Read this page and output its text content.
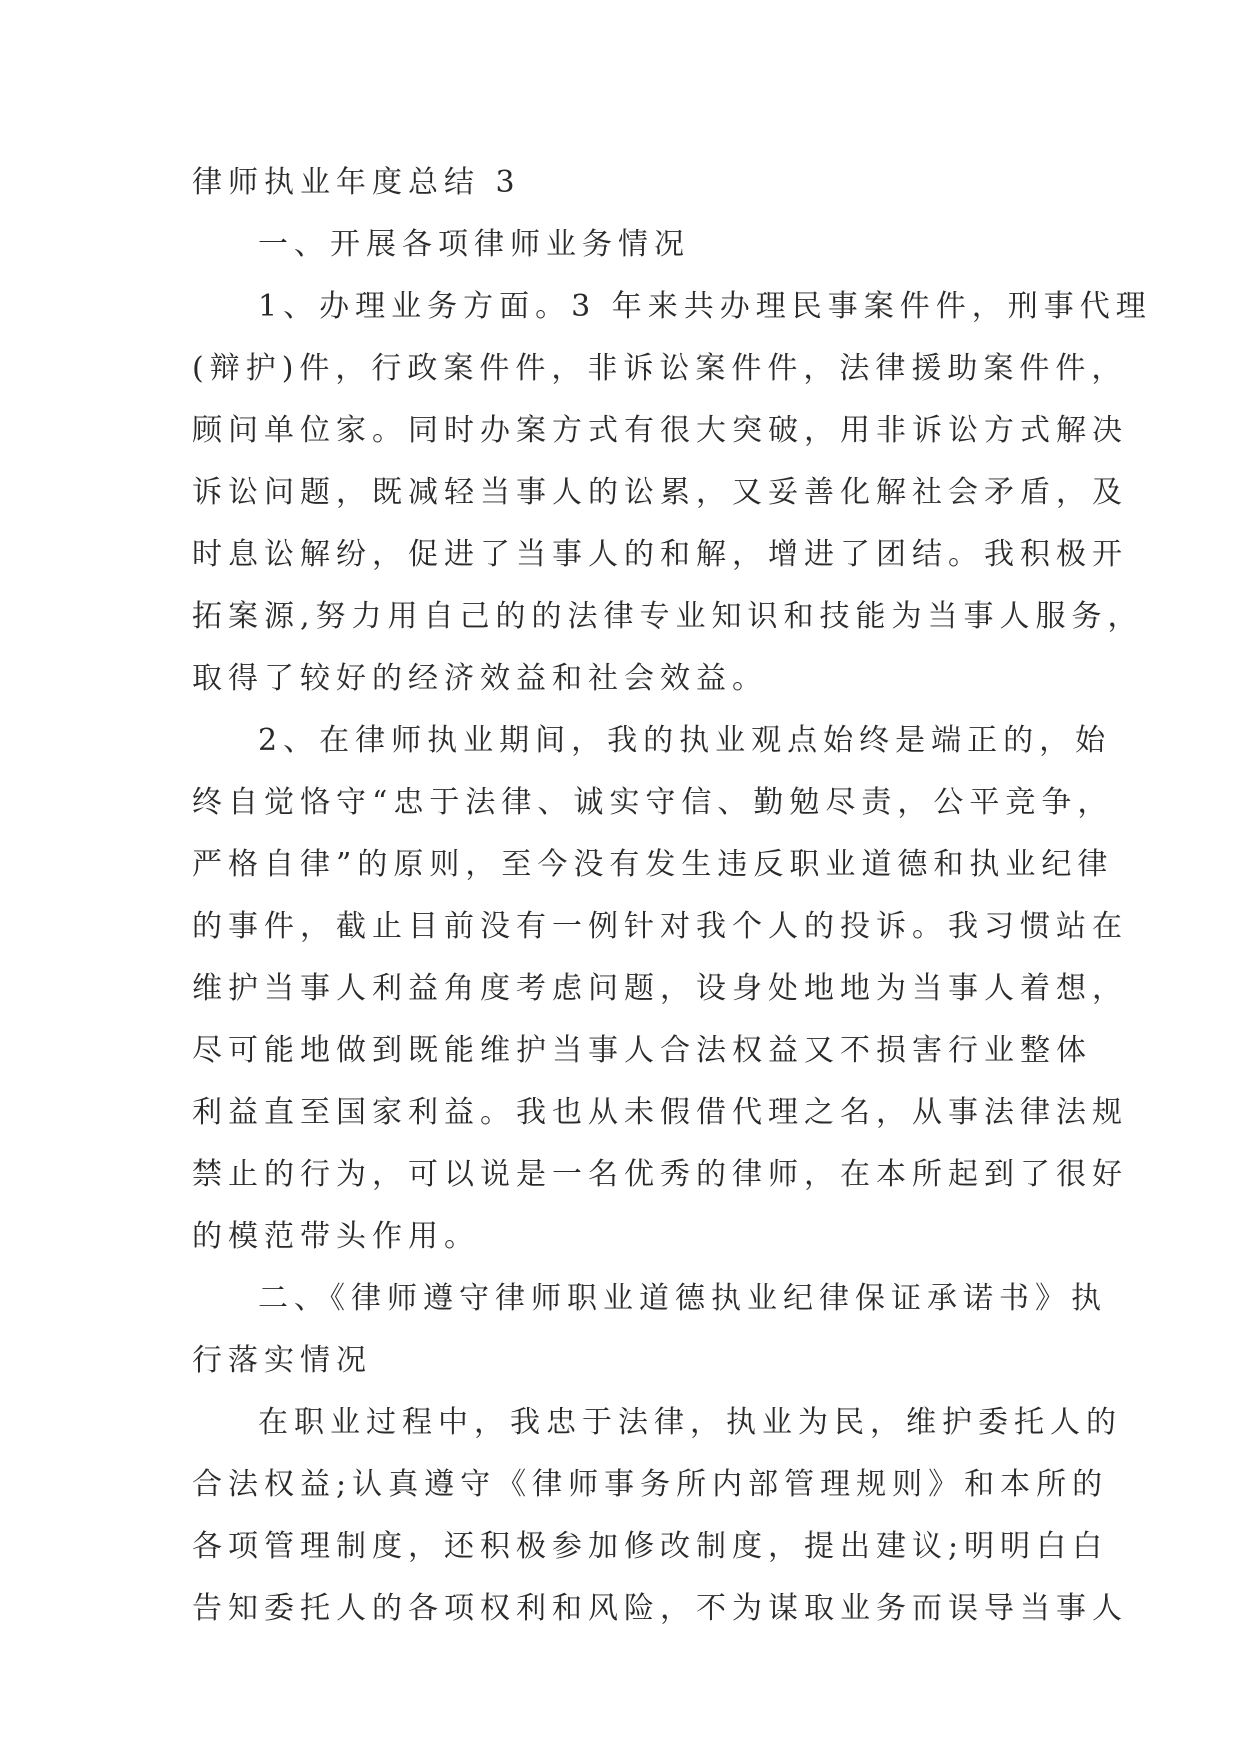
律师执业年度总结 3
一、开展各项律师业务情况
1、办理业务方面。3 年来共办理民事案件件，刑事代理
(辩护)件，行政案件件，非诉讼案件件，法律援助案件件，
顾问单位家。同时办案方式有很大突破，用非诉讼方式解决
诉讼问题，既减轻当事人的讼累，又妥善化解社会矛盾，及
时息讼解纷，促进了当事人的和解，增进了团结。我积极开
拓案源,努力用自己的的法律专业知识和技能为当事人服务，
取得了较好的经济效益和社会效益。
2、在律师执业期间，我的执业观点始终是端正的，始
终自觉恪守“忠于法律、诚实守信、勤勉尽责，公平竞争，
严格自律”的原则，至今没有发生违反职业道德和执业纪律
的事件，截止目前没有一例针对我个人的投诉。我习惯站在
维护当事人利益角度考虑问题，设身处地地为当事人着想，
尽可能地做到既能维护当事人合法权益又不损害行业整体
利益直至国家利益。我也从未假借代理之名，从事法律法规
禁止的行为，可以说是一名优秀的律师，在本所起到了很好
的模范带头作用。
二、《律师遵守律师职业道德执业纪律保证承诺书》执
行落实情况
在职业过程中，我忠于法律，执业为民，维护委托人的
合法权益;认真遵守《律师事务所内部管理规则》和本所的
各项管理制度，还积极参加修改制度，提出建议;明明白白
告知委托人的各项权利和风险，不为谋取业务而误导当事人
